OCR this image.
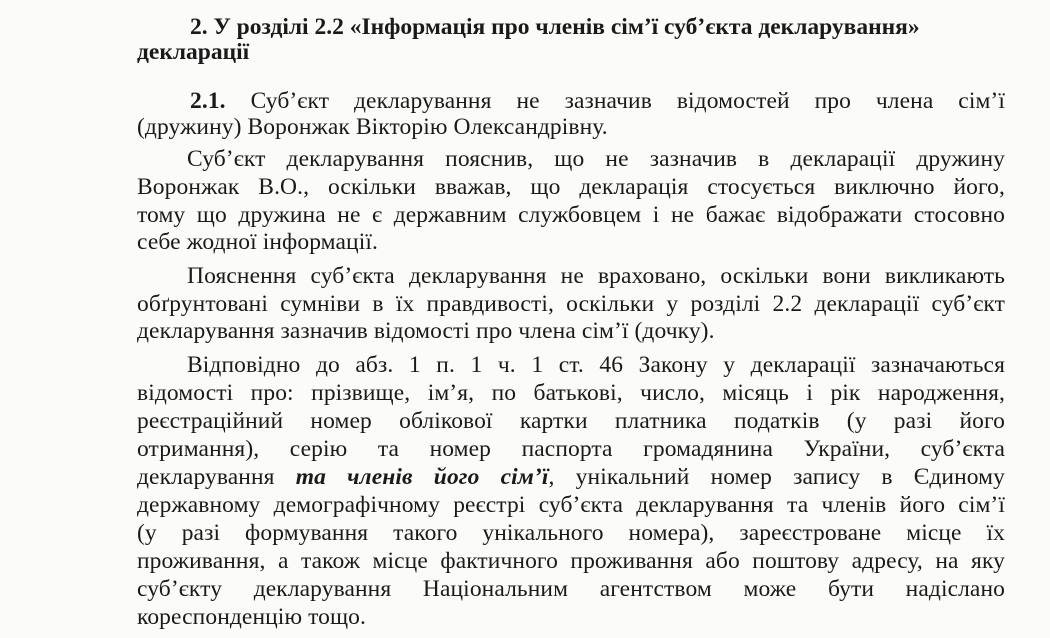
2. У розділі 2.2 «Інформація про членів сім’ї суб’єкта декларування»
декларації
2.1. Суб’єкт декларування не зазначив відомостей про члена сім’ї
(дружину) Воронжак Вікторію Олександрівну.
Суб’єкт декларування пояснив, що не зазначив в декларації дружину
Воронжак В.О., оскільки вважав, що декларація стосується виключно його,
тому що дружина не є державним службовцем і не бажає відображати стосовно
себе жодної інформації.
Пояснення суб’єкта декларування не враховано, оскільки вони викликають
обґрунтовані сумніви в їх правдивості, оскільки у розділі 2.2 декларації суб’єкт
декларування зазначив відомості про члена сім’ї (дочку).
Відповідно до абз. 1 п. 1 ч. 1 ст. 46 Закону у декларації зазначаються
відомості про: прізвище, ім’я, по батькові, число, місяць і рік народження,
реєстраційний номер облікової картки платника податків (у разі його
отримання), серію та номер паспорта громадянина України, суб’єкта
декларування та членів його сім’ї, унікальний номер запису в Єдиному
державному демографічному реєстрі суб’єкта декларування та членів його сім’ї
(у разі формування такого унікального номера), зареєстроване місце їх
проживання, а також місце фактичного проживання або поштову адресу, на яку
суб’єкту декларування Національним агентством може бути надіслано
кореспонденцію тощо.
